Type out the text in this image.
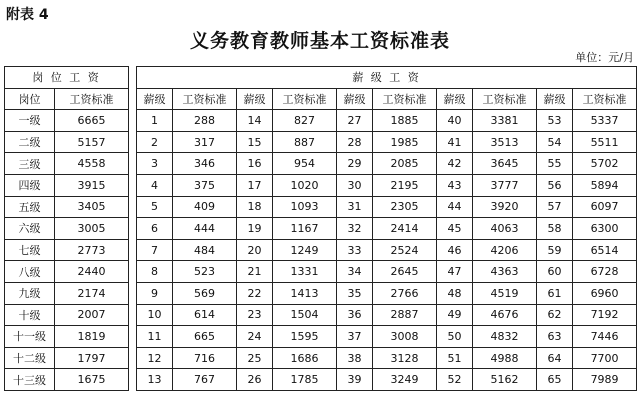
附表 4
义务教育教师基本工资标准表
单位：元/月
岗 位 工 资	
岗位	工资标准
一级	6665
二级	5157
三级	4558
四级	3915
五级	3405
六级	3005
七级	2773
八级	2440
九级	2174
十级	2007
十一级	1819
十二级	1797
十三级	1675
薪 级 工 资									
薪级	工资标准	薪级	工资标准	薪级	工资标准	薪级	工资标准	薪级	工资标准
1	288	14	827	27	1885	40	3381	53	5337
2	317	15	887	28	1985	41	3513	54	5511
3	346	16	954	29	2085	42	3645	55	5702
4	375	17	1020	30	2195	43	3777	56	5894
5	409	18	1093	31	2305	44	3920	57	6097
6	444	19	1167	32	2414	45	4063	58	6300
7	484	20	1249	33	2524	46	4206	59	6514
8	523	21	1331	34	2645	47	4363	60	6728
9	569	22	1413	35	2766	48	4519	61	6960
10	614	23	1504	36	2887	49	4676	62	7192
11	665	24	1595	37	3008	50	4832	63	7446
12	716	25	1686	38	3128	51	4988	64	7700
13	767	26	1785	39	3249	52	5162	65	7989
